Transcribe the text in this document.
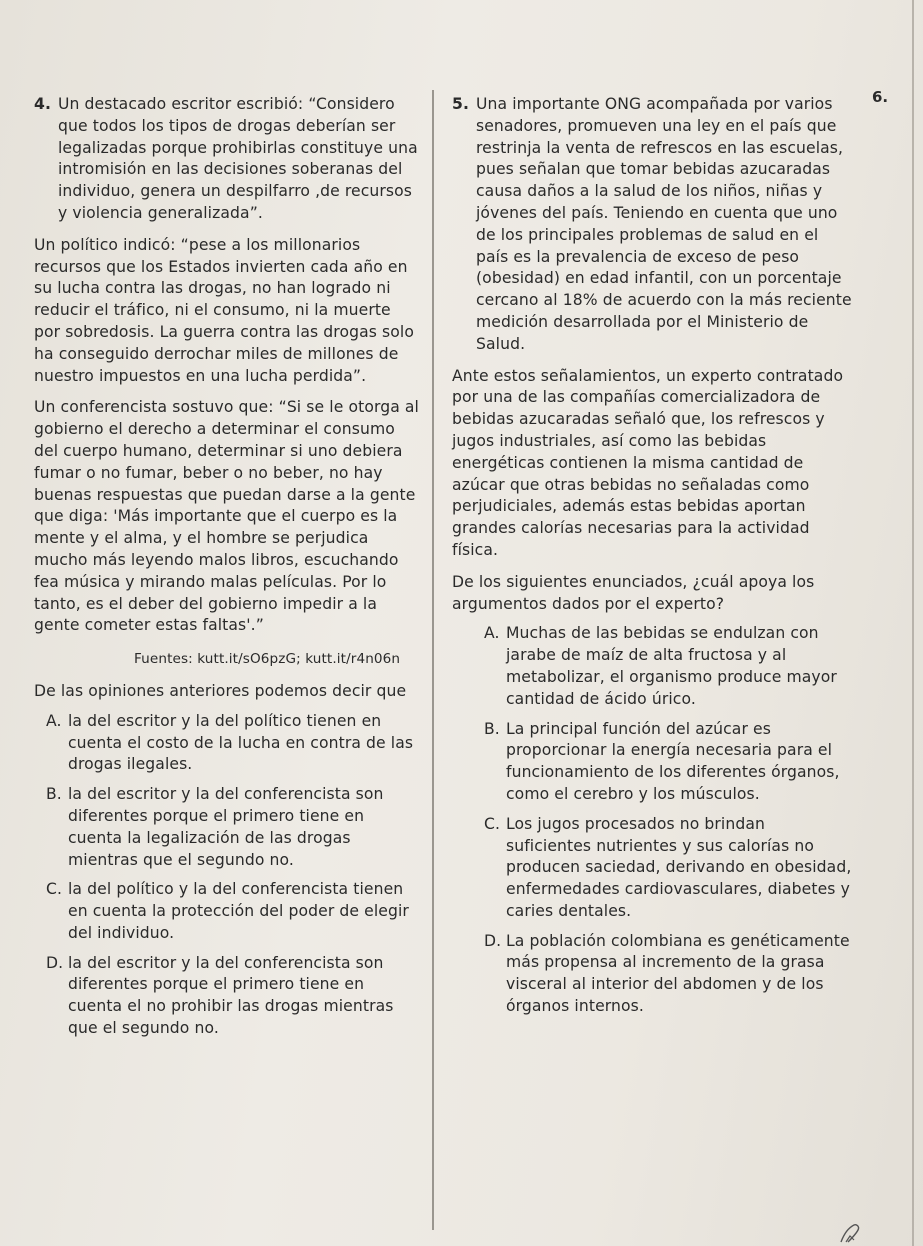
6.
4. Un destacado escritor escribió: “Considero que todos los tipos de drogas deberían ser legalizadas porque prohibirlas constituye una intromisión en las decisiones soberanas del individuo, genera un despilfarro ,de recursos y violencia generalizada”.

Un político indicó: “pese a los millonarios recursos que los Estados invierten cada año en su lucha contra las drogas, no han logrado ni reducir el tráfico, ni el consumo, ni la muerte por sobredosis. La guerra contra las drogas solo ha conseguido derrochar miles de millones de nuestro impuestos en una lucha perdida”.

Un conferencista sostuvo que: “Si se le otorga al gobierno el derecho a determinar el consumo del cuerpo humano, determinar si uno debiera fumar o no fumar, beber o no beber, no hay buenas respuestas que puedan darse a la gente que diga: 'Más importante que el cuerpo es la mente y el alma, y el hombre se perjudica mucho más leyendo malos libros, escuchando fea música y mirando malas películas. Por lo tanto, es el deber del gobierno impedir a la gente cometer estas faltas'.”

Fuentes: kutt.it/sO6pzG; kutt.it/r4n06n

De las opiniones anteriores podemos decir que

A. la del escritor y la del político tienen en cuenta el costo de la lucha en contra de las drogas ilegales.
B. la del escritor y la del conferencista son diferentes porque el primero tiene en cuenta la legalización de las drogas mientras que el segundo no.
C. la del político y la del conferencista tienen en cuenta la protección del poder de elegir del individuo.
D. la del escritor y la del conferencista son diferentes porque el primero tiene en cuenta el no prohibir las drogas mientras que el segundo no.
5. Una importante ONG acompañada por varios senadores, promueven una ley en el país que restrinja la venta de refrescos en las escuelas, pues señalan que tomar bebidas azucaradas causa daños a la salud de los niños, niñas y jóvenes del país. Teniendo en cuenta que uno de los principales problemas de salud en el país es la prevalencia de exceso de peso (obesidad) en edad infantil, con un porcentaje cercano al 18% de acuerdo con la más reciente medición desarrollada por el Ministerio de Salud.

Ante estos señalamientos, un experto contratado por una de las compañías comercializadora de bebidas azucaradas señaló que, los refrescos y jugos industriales, así como las bebidas energéticas contienen la misma cantidad de azúcar que otras bebidas no señaladas como perjudiciales, además estas bebidas aportan grandes calorías necesarias para la actividad física.

De los siguientes enunciados, ¿cuál apoya los argumentos dados por el experto?

A. Muchas de las bebidas se endulzan con jarabe de maíz de alta fructosa y al metabolizar, el organismo produce mayor cantidad de ácido úrico.
B. La principal función del azúcar es proporcionar la energía necesaria para el funcionamiento de los diferentes órganos, como el cerebro y los músculos.
C. Los jugos procesados no brindan suficientes nutrientes y sus calorías no producen saciedad, derivando en obesidad, enfermedades cardiovasculares, diabetes y caries dentales.
D. La población colombiana es genéticamente más propensa al incremento de la grasa visceral al interior del abdomen y de los órganos internos.
